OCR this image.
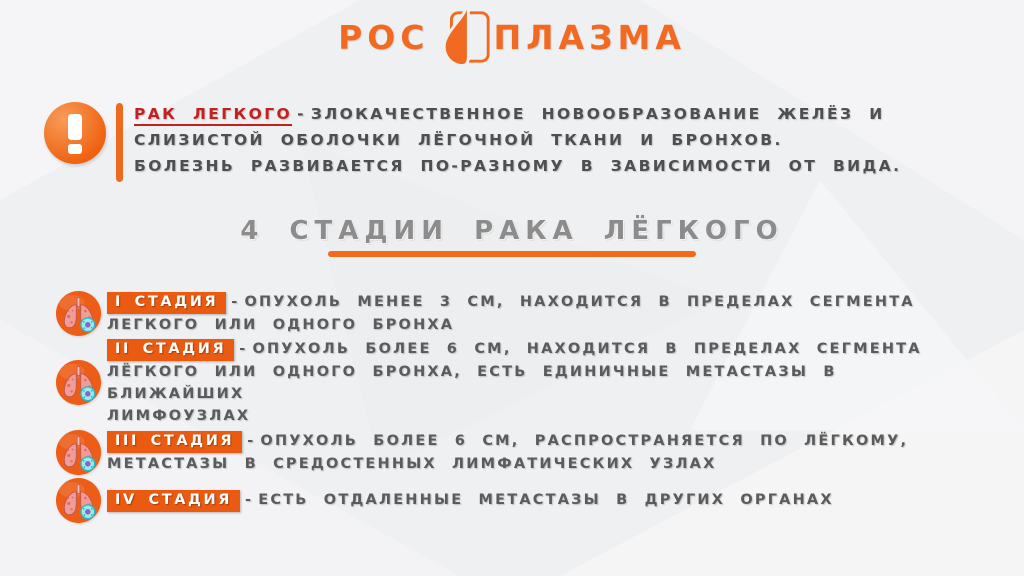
РОС ПЛАЗМА
РАК ЛЕГКОГО - ЗЛОКАЧЕСТВЕННОЕ НОВООБРАЗОВАНИЕ ЖЕЛЁЗ И
СЛИЗИСТОЙ ОБОЛОЧКИ ЛЁГОЧНОЙ ТКАНИ И БРОНХОВ.
БОЛЕЗНЬ РАЗВИВАЕТСЯ ПО-РАЗНОМУ В ЗАВИСИМОСТИ ОТ ВИДА.
4 СТАДИИ РАКА ЛЁГКОГО
I СТАДИЯ - ОПУХОЛЬ МЕНЕЕ 3 СМ, НАХОДИТСЯ В ПРЕДЕЛАХ СЕГМЕНТА
ЛЕГКОГО ИЛИ ОДНОГО БРОНХА
II СТАДИЯ - ОПУХОЛЬ БОЛЕЕ 6 СМ, НАХОДИТСЯ В ПРЕДЕЛАХ СЕГМЕНТА
ЛЁГКОГО ИЛИ ОДНОГО БРОНХА, ЕСТЬ ЕДИНИЧНЫЕ МЕТАСТАЗЫ В БЛИЖАЙШИХ
ЛИМФОУЗЛАХ
III СТАДИЯ - ОПУХОЛЬ БОЛЕЕ 6 СМ, РАСПРОСТРАНЯЕТСЯ ПО ЛЁГКОМУ,
МЕТАСТАЗЫ В СРЕДОСТЕННЫХ ЛИМФАТИЧЕСКИХ УЗЛАХ
IV СТАДИЯ - ЕСТЬ ОТДАЛЕННЫЕ МЕТАСТАЗЫ В ДРУГИХ ОРГАНАХ
